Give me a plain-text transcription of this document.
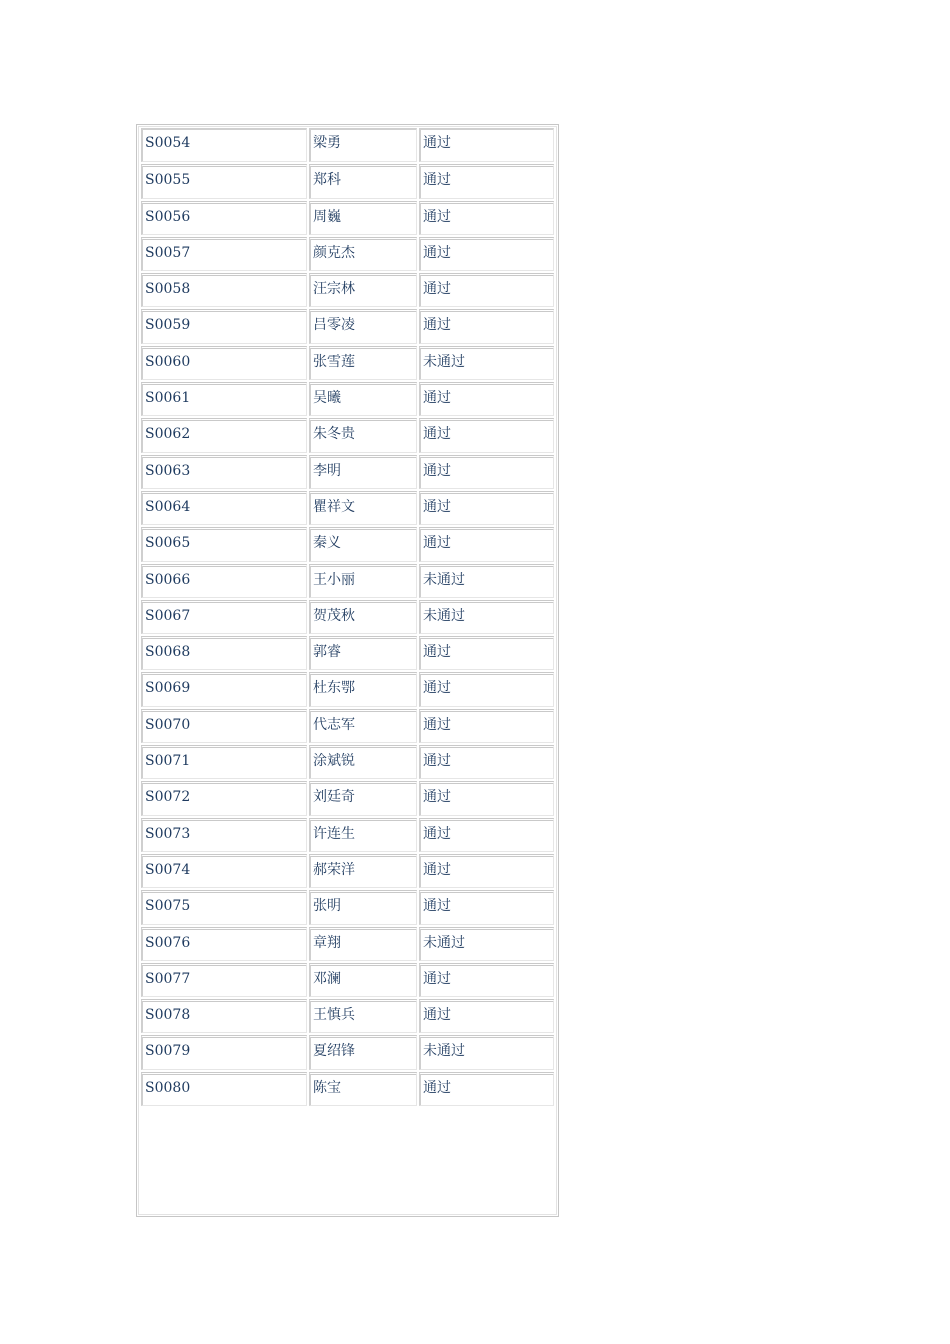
S0054	梁勇	通过
S0055	郑科	通过
S0056	周巍	通过
S0057	颜克杰	通过
S0058	汪宗林	通过
S0059	吕零凌	通过
S0060	张雪莲	未通过
S0061	吴曦	通过
S0062	朱冬贵	通过
S0063	李明	通过
S0064	瞿祥文	通过
S0065	秦义	通过
S0066	王小丽	未通过
S0067	贺茂秋	未通过
S0068	郭睿	通过
S0069	杜东鄂	通过
S0070	代志军	通过
S0071	涂斌锐	通过
S0072	刘廷奇	通过
S0073	许连生	通过
S0074	郝荣洋	通过
S0075	张明	通过
S0076	章翔	未通过
S0077	邓澜	通过
S0078	王慎兵	通过
S0079	夏绍锋	未通过
S0080	陈宝	通过
